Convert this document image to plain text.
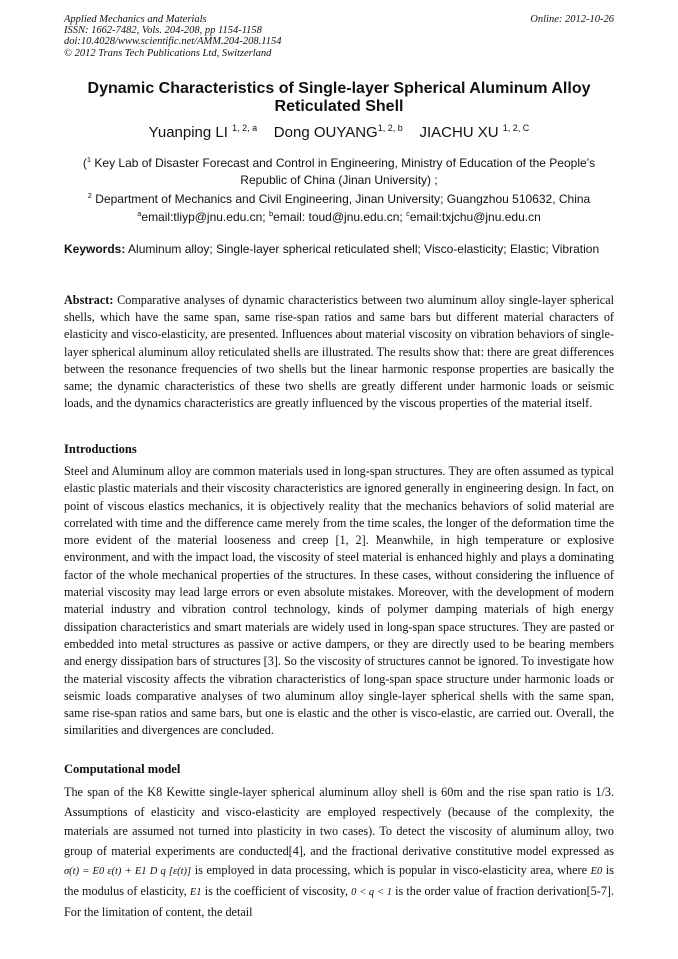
Applied Mechanics and Materials
ISSN: 1662-7482, Vols. 204-208, pp 1154-1158
doi:10.4028/www.scientific.net/AMM.204-208.1154
© 2012 Trans Tech Publications Ltd, Switzerland
Online: 2012-10-26
Dynamic Characteristics of Single-layer Spherical Aluminum Alloy Reticulated Shell
Yuanping LI $^{1, 2, a}$ Dong OUYANG$^{1, 2, b}$ JIACHU XU $^{1, 2, C}$
($^1$ Key Lab of Disaster Forecast and Control in Engineering, Ministry of Education of the People’s Republic of China (Jinan University) ;
$^2$ Department of Mechanics and Civil Engineering, Jinan University; Guangzhou 510632, China
$^a$email:tliyp@jnu.edu.cn; $^b$email: toud@jnu.edu.cn; $^c$email:txjchu@jnu.edu.cn
Keywords: Aluminum alloy; Single-layer spherical reticulated shell; Visco-elasticity; Elastic; Vibration
Abstract: Comparative analyses of dynamic characteristics between two aluminum alloy single-layer spherical shells, which have the same span, same rise-span ratios and same bars but different material characters of elasticity and visco-elasticity, are presented. Influences about material viscosity on vibration behaviors of single-layer spherical aluminum alloy reticulated shells are illustrated. The results show that: there are great differences between the resonance frequencies of two shells but the linear harmonic response properties are basically the same; the dynamic characteristics of these two shells are greatly different under harmonic loads or seismic loads, and the dynamics characteristics are greatly influenced by the viscous properties of the material itself.
Introductions
Steel and Aluminum alloy are common materials used in long-span structures. They are often assumed as typical elastic plastic materials and their viscosity characteristics are ignored generally in engineering design. In fact, on point of viscous elastics mechanics, it is objectively reality that the mechanics behaviors of solid material are correlated with time and the difference came merely from the time scales, the longer of the deformation time the more evident of the material looseness and creep [1, 2]. Meanwhile, in high temperature or explosive environment, and with the impact load, the viscosity of steel material is enhanced highly and plays a dominating factor of the whole mechanical properties of the structures. In these cases, without considering the influence of material viscosity may lead large errors or even absolute mistakes. Moreover, with the development of modern material industry and vibration control technology, kinds of polymer damping materials of high energy dissipation characteristics and smart materials are widely used in long-span space structures. They are pasted or embedded into metal structures as passive or active dampers, or they are directly used to be bearing members and energy dissipation bars of structures [3]. So the viscosity of structures cannot be ignored. To investigate how the material viscosity affects the vibration characteristics of long-span space structure under harmonic loads or seismic loads comparative analyses of two aluminum alloy single-layer spherical shells with the same span, same rise-span ratios and same bars, but one is elastic and the other is visco-elastic, are carried out. Overall, the similarities and divergences are concluded.
Computational model
The span of the K8 Kewitte single-layer spherical aluminum alloy shell is 60m and the rise span ratio is 1/3. Assumptions of elasticity and visco-elasticity are employed respectively (because of the complexity, the materials are assumed not turned into plasticity in two cases). To detect the viscosity of aluminum alloy, two group of material experiments are conducted[4], and the fractional derivative constitutive model expressed as σ(t) = E0 ε(t) + E1 D q [ε(t)] is employed in data processing, which is popular in visco-elasticity area, where E0 is the modulus of elasticity, E1 is the coefficient of viscosity, 0 < q < 1 is the order value of fraction derivation[5-7]. For the limitation of content, the detail
